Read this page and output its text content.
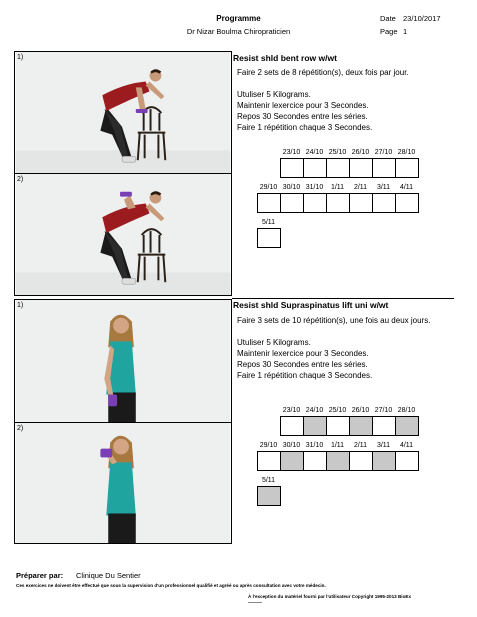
Programme
Dr Nizar Boulma Chiropraticien
Date 23/10/2017
Page 1
1)
2)
Resist shld bent row w/wt

Faire 2 sets de 8 répétition(s), deux fois par jour.

Utuliser 5 Kilograms.

Maintenir lexercice pour 3 Secondes.

Repos 30 Secondes entre les séries.

Faire 1 répétition chaque 3 Secondes.

23/10 24/10 25/10 26/10 27/10 28/10
29/10 30/10 31/10	1/11	2/11	3/11	4/11
5/11
1)
2)
Resist shld Supraspinatus lift uni w/wt

Faire 3 sets de 10 répétition(s), une fois au deux jours.

Utuliser 5 Kilograms.

Maintenir lexercice pour 3 Secondes.

Repos 30 Secondes entre les séries.

Faire 1 répétition chaque 3 Secondes.

23/10 24/10 25/10 26/10 27/10 28/10
29/10 30/10 31/10	1/11	2/11	3/11	4/11
5/11
Préparer par: Clinique Du Sentier
Ces exercices ne doivent être effectué que sous la supervision d'un professionnel qualifié et agréé ou après consultation avec votre médecin.
À l'exception du matériel fourni par l'utilisateur Copyright 1995-2013 BioEx
